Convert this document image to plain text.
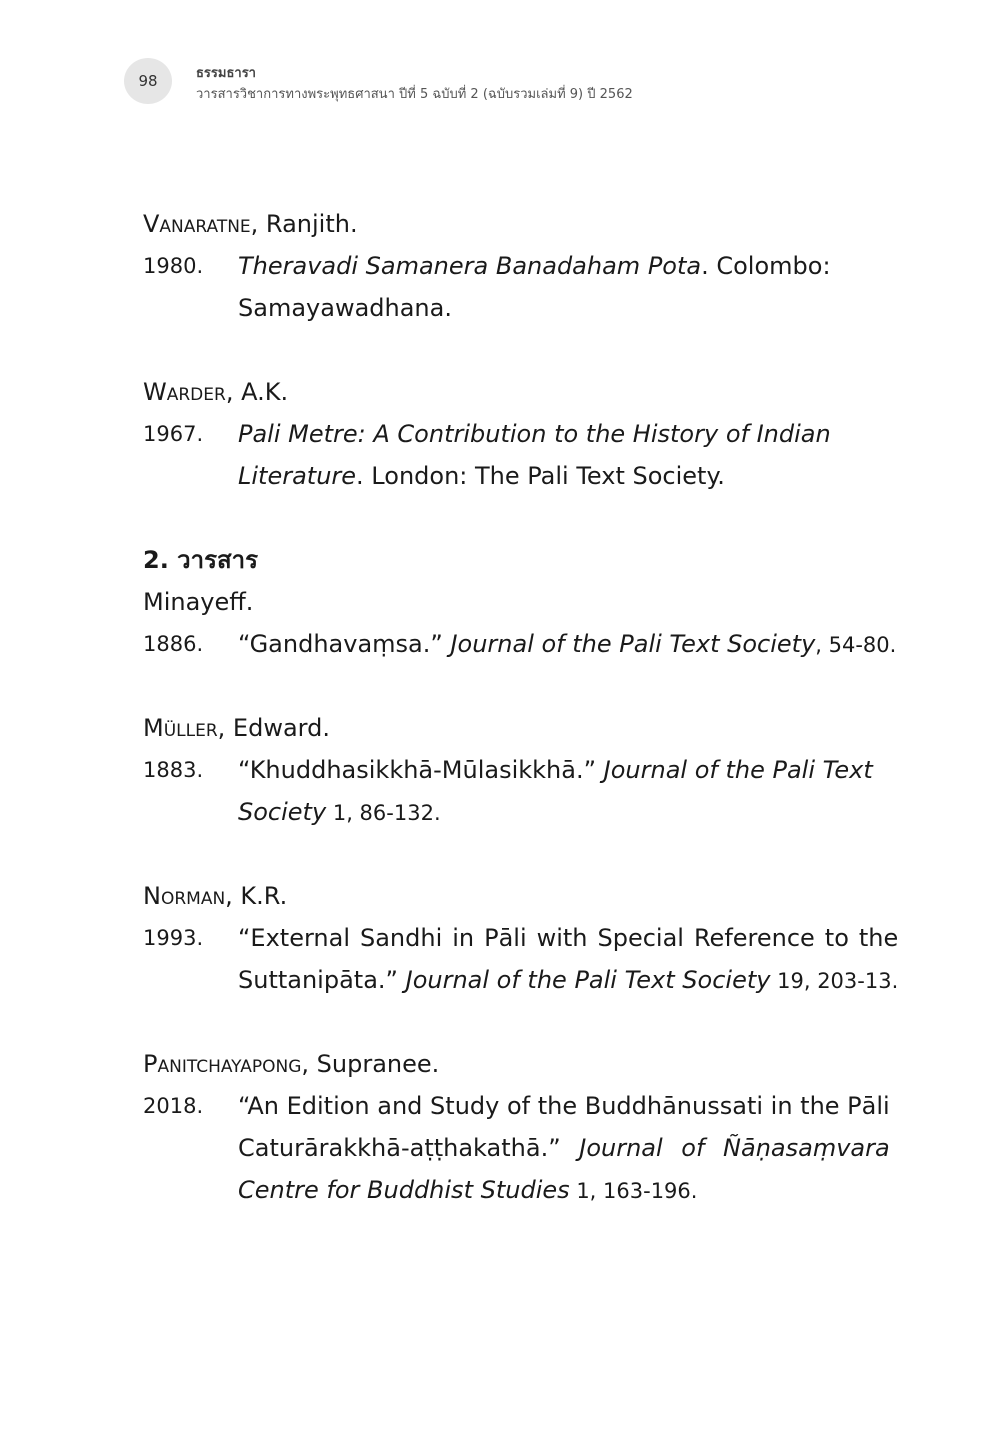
98	ธรรมธารา
วารสารวิชาการทางพระพุทธศาสนา ปีที่ 5 ฉบับที่ 2 (ฉบับรวมเล่มที่ 9) ปี 2562
Vanaratne, Ranjith.
1980.	Theravadi Samanera Banadaham Pota. Colombo:
Samayawadhana.
Warder, A.K.
1967.	Pali Metre: A Contribution to the History of Indian
Literature. London: The Pali Text Society.
2. วารสาร
Minayeff.
1886.	“Gandhavaṃsa.” Journal of the Pali Text Society, 54-80.
Müller, Edward.
1883.	“Khuddhasikkhā-Mūlasikkhā.” Journal of the Pali Text
Society 1, 86-132.
Norman, K.R.
1993.	“External Sandhi in Pāli with Special Reference to the
Suttanipāta.” Journal of the Pali Text Society 19, 203-13.
Panitchayapong, Supranee.
2018.	“An Edition and Study of the Buddhānussati in the Pāli
Caturārakkhā-aṭṭhakathā.” Journal of Ñāṇasaṃvara
Centre for Buddhist Studies 1, 163-196.
